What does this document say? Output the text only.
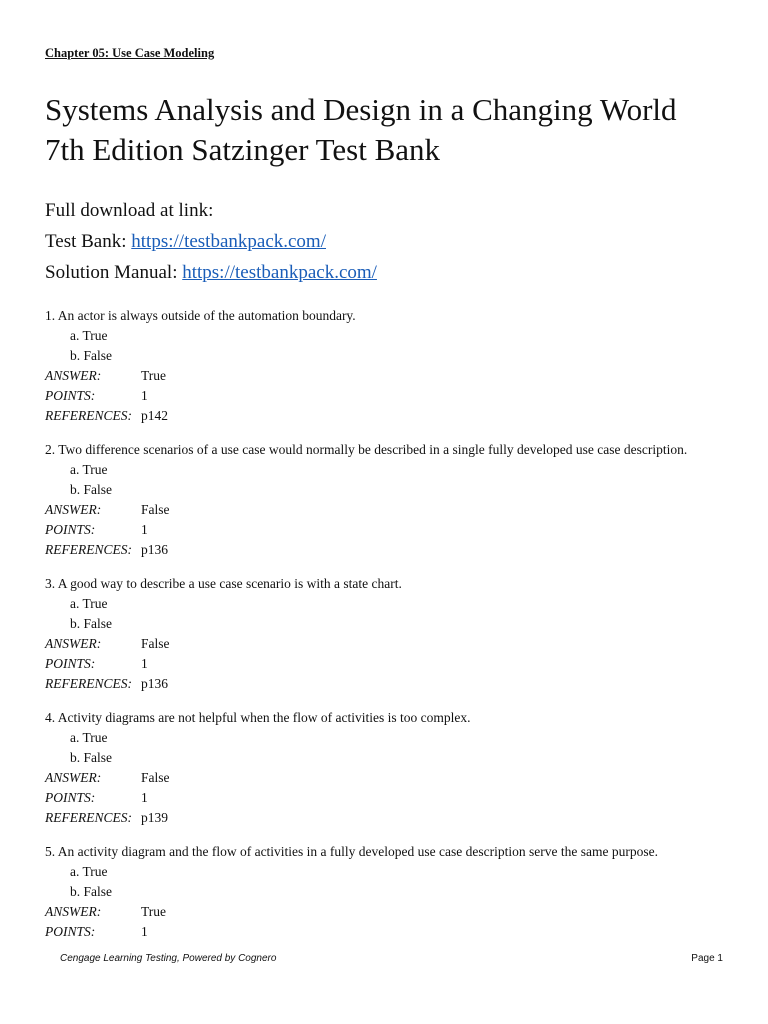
Chapter 05: Use Case Modeling
Systems Analysis and Design in a Changing World
7th Edition Satzinger Test Bank
Full download at link:
Test Bank: https://testbankpack.com/
Solution Manual: https://testbankpack.com/
1. An actor is always outside of the automation boundary.
a. True
b. False
ANSWER:	True
POINTS:	1
REFERENCES: p142
2. Two difference scenarios of a use case would normally be described in a single fully developed use case description.
a. True
b. False
ANSWER:	False
POINTS:	1
REFERENCES: p136
3. A good way to describe a use case scenario is with a state chart.
a. True
b. False
ANSWER:	False
POINTS:	1
REFERENCES: p136
4. Activity diagrams are not helpful when the flow of activities is too complex.
a. True
b. False
ANSWER:	False
POINTS:	1
REFERENCES: p139
5. An activity diagram and the flow of activities in a fully developed use case description serve the same purpose.
a. True
b. False
ANSWER:	True
POINTS:	1
Cengage Learning Testing, Powered by Cognero	Page 1
